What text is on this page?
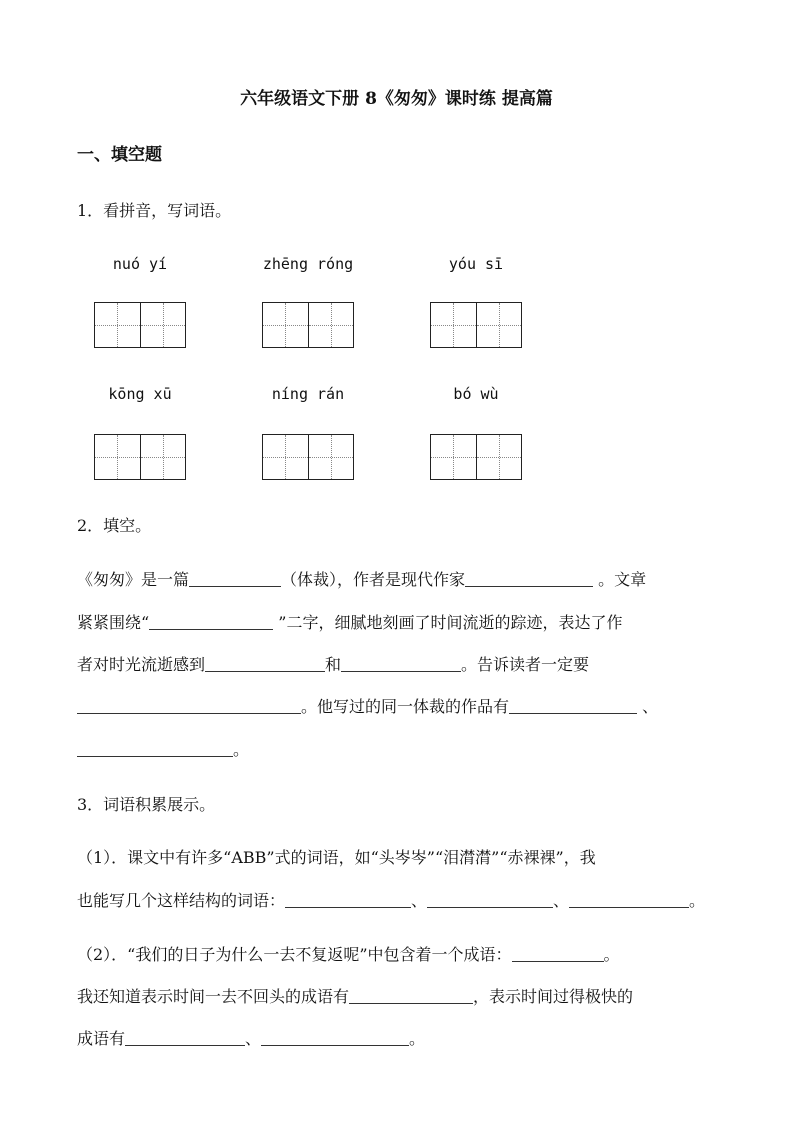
六年级语文下册 8《匆匆》课时练 提高篇
一、填空题
1．看拼音，写词语。
nuó yí	zhēng róng	yóu sī
kōng xū	níng rán	bó wù
2．填空。
《匆匆》是一篇	（体裁），作者是现代作家	。文章
紧紧围绕“	”二字，细腻地刻画了时间流逝的踪迹，表达了作
者对时光流逝感到	和	。告诉读者一定要
。他写过的同一体裁的作品有	、
。
3．词语积累展示。
（1）．课文中有许多“ABB”式的词语，如“头岑岑”“泪潸潸”“赤裸裸”，我
也能写几个这样结构的词语：	、	、	。
（2）．“我们的日子为什么一去不复返呢”中包含着一个成语：	。
我还知道表示时间一去不回头的成语有	，表示时间过得极快的
成语有	、	。
